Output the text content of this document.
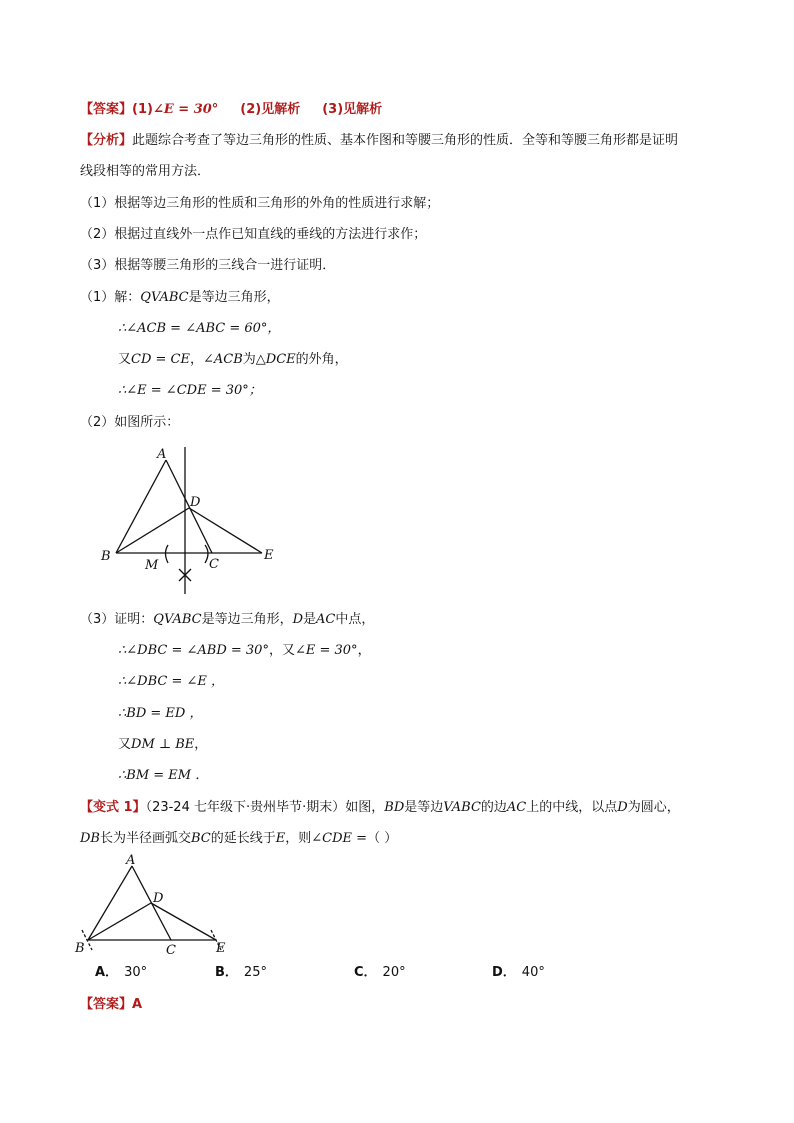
【答案】(1)∠E = 30° (2)见解析 (3)见解析
【分析】此题综合考查了等边三角形的性质、基本作图和等腰三角形的性质．全等和等腰三角形都是证明
线段相等的常用方法．
（1）根据等边三角形的性质和三角形的外角的性质进行求解；
（2）根据过直线外一点作已知直线的垂线的方法进行求作；
（3）根据等腰三角形的三线合一进行证明．
（1）解：QVABC是等边三角形，
∴∠ACB = ∠ABC = 60°，
又CD = CE，∠ACB为△DCE的外角，
∴∠E = ∠CDE = 30°；
（2）如图所示：
A
D
B
M	C
E
（3）证明：QVABC是等边三角形，D是AC中点，
∴∠DBC = ∠ABD = 30°，又∠E = 30°，
∴∠DBC = ∠E ，
∴BD = ED ，
又DM ⊥ BE，
∴BM = EM ．
【变式 1】（23-24 七年级下·贵州毕节·期末）如图，BD是等边VABC的边AC上的中线，以点D为圆心，
DB长为半径画弧交BC的延长线于E，则∠CDE =（ ）
A
D
B	C	E
A． 30°	B． 25°	C． 20°	D． 40°
【答案】A
